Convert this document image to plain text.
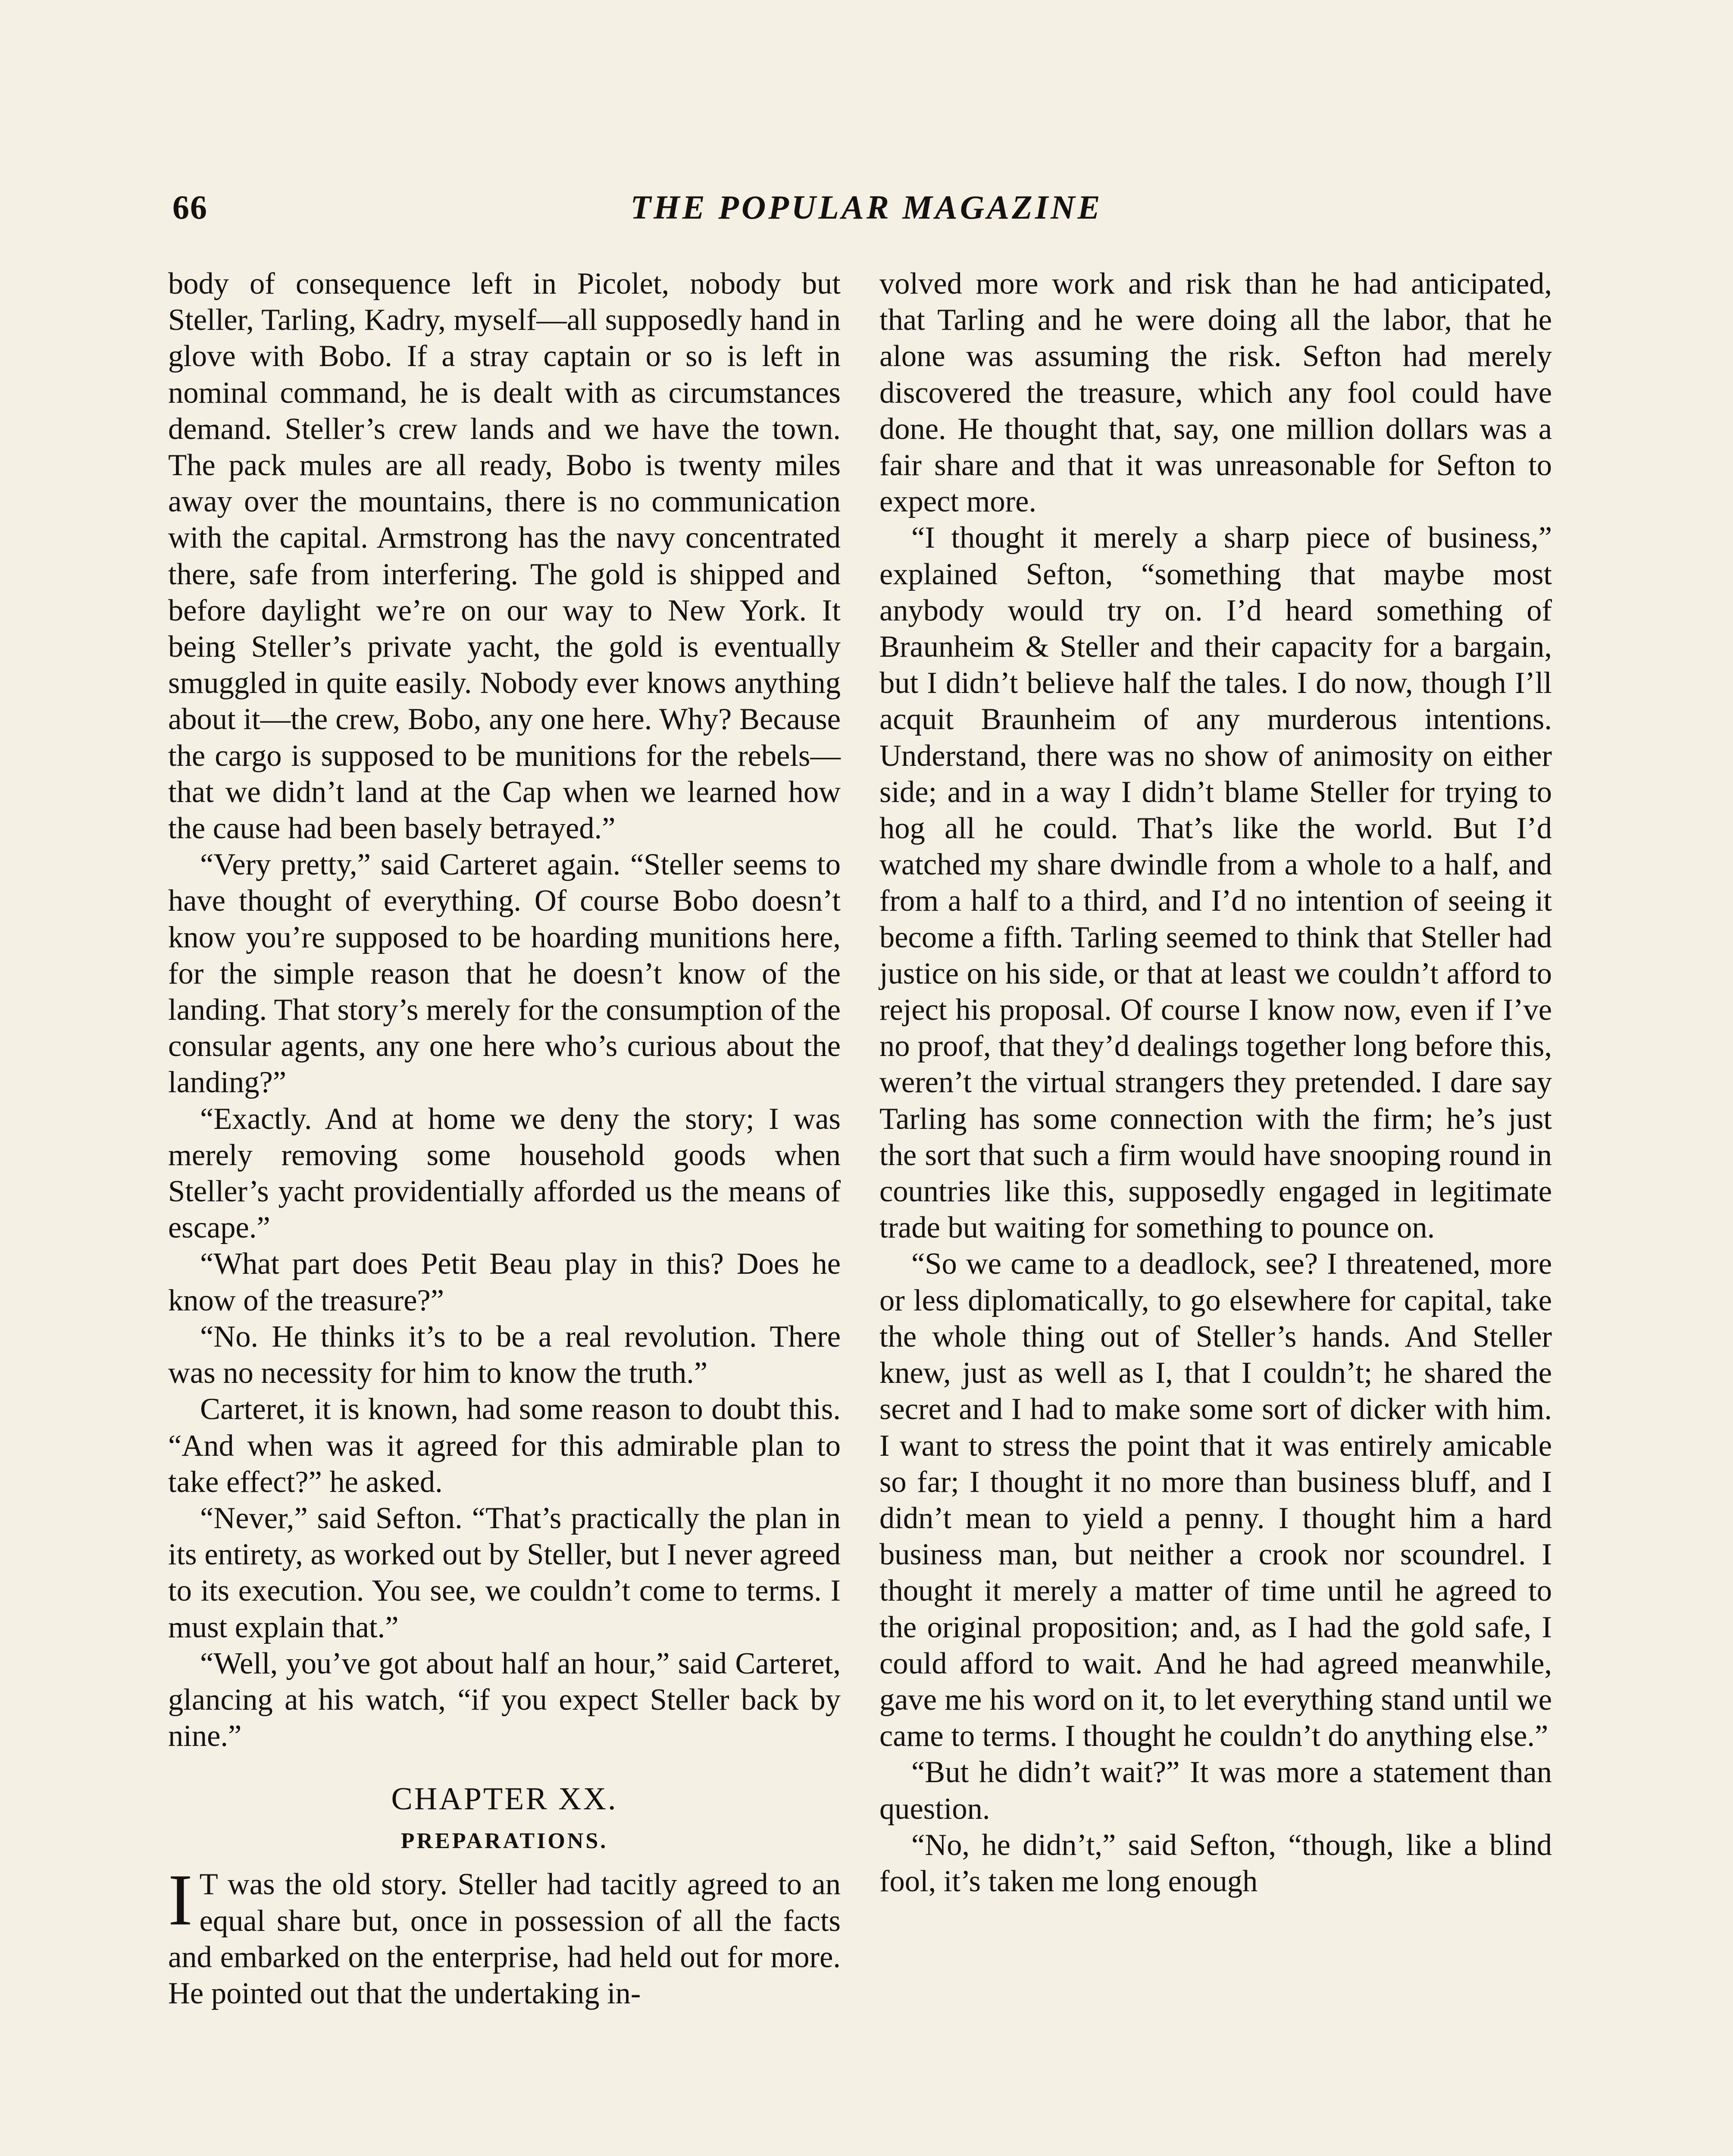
66	THE POPULAR MAGAZINE

body of consequence left in Picolet, nobody but Steller, Tarling, Kadry, myself—all supposedly hand in glove with Bobo. If a stray captain or so is left in nominal command, he is dealt with as circumstances demand. Steller’s crew lands and we have the town. The pack mules are all ready, Bobo is twenty miles away over the mountains, there is no communication with the capital. Armstrong has the navy concentrated there, safe from interfering. The gold is shipped and before daylight we’re on our way to New York. It being Steller’s private yacht, the gold is eventually smuggled in quite easily. Nobody ever knows anything about it—the crew, Bobo, any one here. Why? Because the cargo is supposed to be munitions for the rebels—that we didn’t land at the Cap when we learned how the cause had been basely betrayed.”

“Very pretty,” said Carteret again. “Steller seems to have thought of everything. Of course Bobo doesn’t know you’re supposed to be hoarding munitions here, for the simple reason that he doesn’t know of the landing. That story’s merely for the consumption of the consular agents, any one here who’s curious about the landing?”

“Exactly. And at home we deny the story; I was merely removing some household goods when Steller’s yacht providentially afforded us the means of escape.”

“What part does Petit Beau play in this? Does he know of the treasure?”

“No. He thinks it’s to be a real revolution. There was no necessity for him to know the truth.”

Carteret, it is known, had some reason to doubt this. “And when was it agreed for this admirable plan to take effect?” he asked.

“Never,” said Sefton. “That’s practically the plan in its entirety, as worked out by Steller, but I never agreed to its execution. You see, we couldn’t come to terms. I must explain that.”

“Well, you’ve got about half an hour,” said Carteret, glancing at his watch, “if you expect Steller back by nine.”

CHAPTER XX.
PREPARATIONS.

I T was the old story. Steller had tacitly agreed to an equal share but, once in possession of all the facts and embarked on the enterprise, had held out for more. He pointed out that the undertaking in-

volved more work and risk than he had anticipated, that Tarling and he were doing all the labor, that he alone was assuming the risk. Sefton had merely discovered the treasure, which any fool could have done. He thought that, say, one million dollars was a fair share and that it was unreasonable for Sefton to expect more.

“I thought it merely a sharp piece of business,” explained Sefton, “something that maybe most anybody would try on. I’d heard something of Braunheim & Steller and their capacity for a bargain, but I didn’t believe half the tales. I do now, though I’ll acquit Braunheim of any murderous intentions. Understand, there was no show of animosity on either side; and in a way I didn’t blame Steller for trying to hog all he could. That’s like the world. But I’d watched my share dwindle from a whole to a half, and from a half to a third, and I’d no intention of seeing it become a fifth. Tarling seemed to think that Steller had justice on his side, or that at least we couldn’t afford to reject his proposal. Of course I know now, even if I’ve no proof, that they’d dealings together long before this, weren’t the virtual strangers they pretended. I dare say Tarling has some connection with the firm; he’s just the sort that such a firm would have snooping round in countries like this, supposedly engaged in legitimate trade but waiting for something to pounce on.

“So we came to a deadlock, see? I threatened, more or less diplomatically, to go elsewhere for capital, take the whole thing out of Steller’s hands. And Steller knew, just as well as I, that I couldn’t; he shared the secret and I had to make some sort of dicker with him. I want to stress the point that it was entirely amicable so far; I thought it no more than business bluff, and I didn’t mean to yield a penny. I thought him a hard business man, but neither a crook nor scoundrel. I thought it merely a matter of time until he agreed to the original proposition; and, as I had the gold safe, I could afford to wait. And he had agreed meanwhile, gave me his word on it, to let everything stand until we came to terms. I thought he couldn’t do anything else.”

“But he didn’t wait?” It was more a statement than question.

“No, he didn’t,” said Sefton, “though, like a blind fool, it’s taken me long enough
